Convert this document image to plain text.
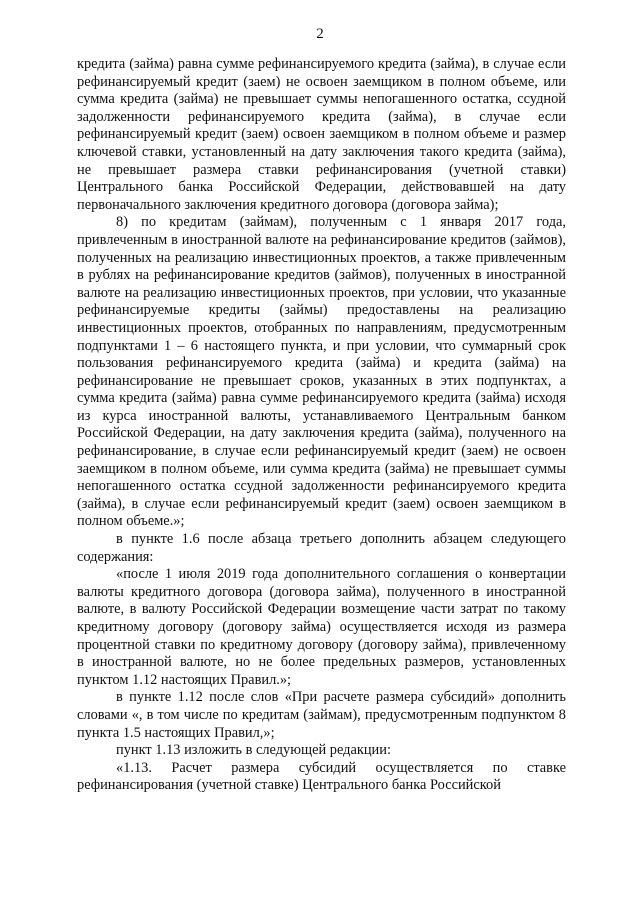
2

кредита (займа) равна сумме рефинансируемого кредита (займа), в случае если рефинансируемый кредит (заем) не освоен заемщиком в полном объеме, или сумма кредита (займа) не превышает суммы непогашенного остатка, ссудной задолженности рефинансируемого кредита (займа), в случае если рефинансируемый кредит (заем) освоен заемщиком в полном объеме и размер ключевой ставки, установленный на дату заключения такого кредита (займа), не превышает размера ставки рефинансирования (учетной ставки) Центрального банка Российской Федерации, действовавшей на дату первоначального заключения кредитного договора (договора займа);

8) по кредитам (займам), полученным с 1 января 2017 года, привлеченным в иностранной валюте на рефинансирование кредитов (займов), полученных на реализацию инвестиционных проектов, а также привлеченным в рублях на рефинансирование кредитов (займов), полученных в иностранной валюте на реализацию инвестиционных проектов, при условии, что указанные рефинансируемые кредиты (займы) предоставлены на реализацию инвестиционных проектов, отобранных по направлениям, предусмотренным подпунктами 1 – 6 настоящего пункта, и при условии, что суммарный срок пользования рефинансируемого кредита (займа) и кредита (займа) на рефинансирование не превышает сроков, указанных в этих подпунктах, а сумма кредита (займа) равна сумме рефинансируемого кредита (займа) исходя из курса иностранной валюты, устанавливаемого Центральным банком Российской Федерации, на дату заключения кредита (займа), полученного на рефинансирование, в случае если рефинансируемый кредит (заем) не освоен заемщиком в полном объеме, или сумма кредита (займа) не превышает суммы непогашенного остатка ссудной задолженности рефинансируемого кредита (займа), в случае если рефинансируемый кредит (заем) освоен заемщиком в полном объеме.»;

в пункте 1.6 после абзаца третьего дополнить абзацем следующего содержания:

«после 1 июля 2019 года дополнительного соглашения о конвертации валюты кредитного договора (договора займа), полученного в иностранной валюте, в валюту Российской Федерации возмещение части затрат по такому кредитному договору (договору займа) осуществляется исходя из размера процентной ставки по кредитному договору (договору займа), привлеченному в иностранной валюте, но не более предельных размеров, установленных пунктом 1.12 настоящих Правил.»;

в пункте 1.12 после слов «При расчете размера субсидий» дополнить словами «, в том числе по кредитам (займам), предусмотренным подпунктом 8 пункта 1.5 настоящих Правил,»;

пункт 1.13 изложить в следующей редакции:

«1.13. Расчет размера субсидий осуществляется по ставке рефинансирования (учетной ставке) Центрального банка Российской
